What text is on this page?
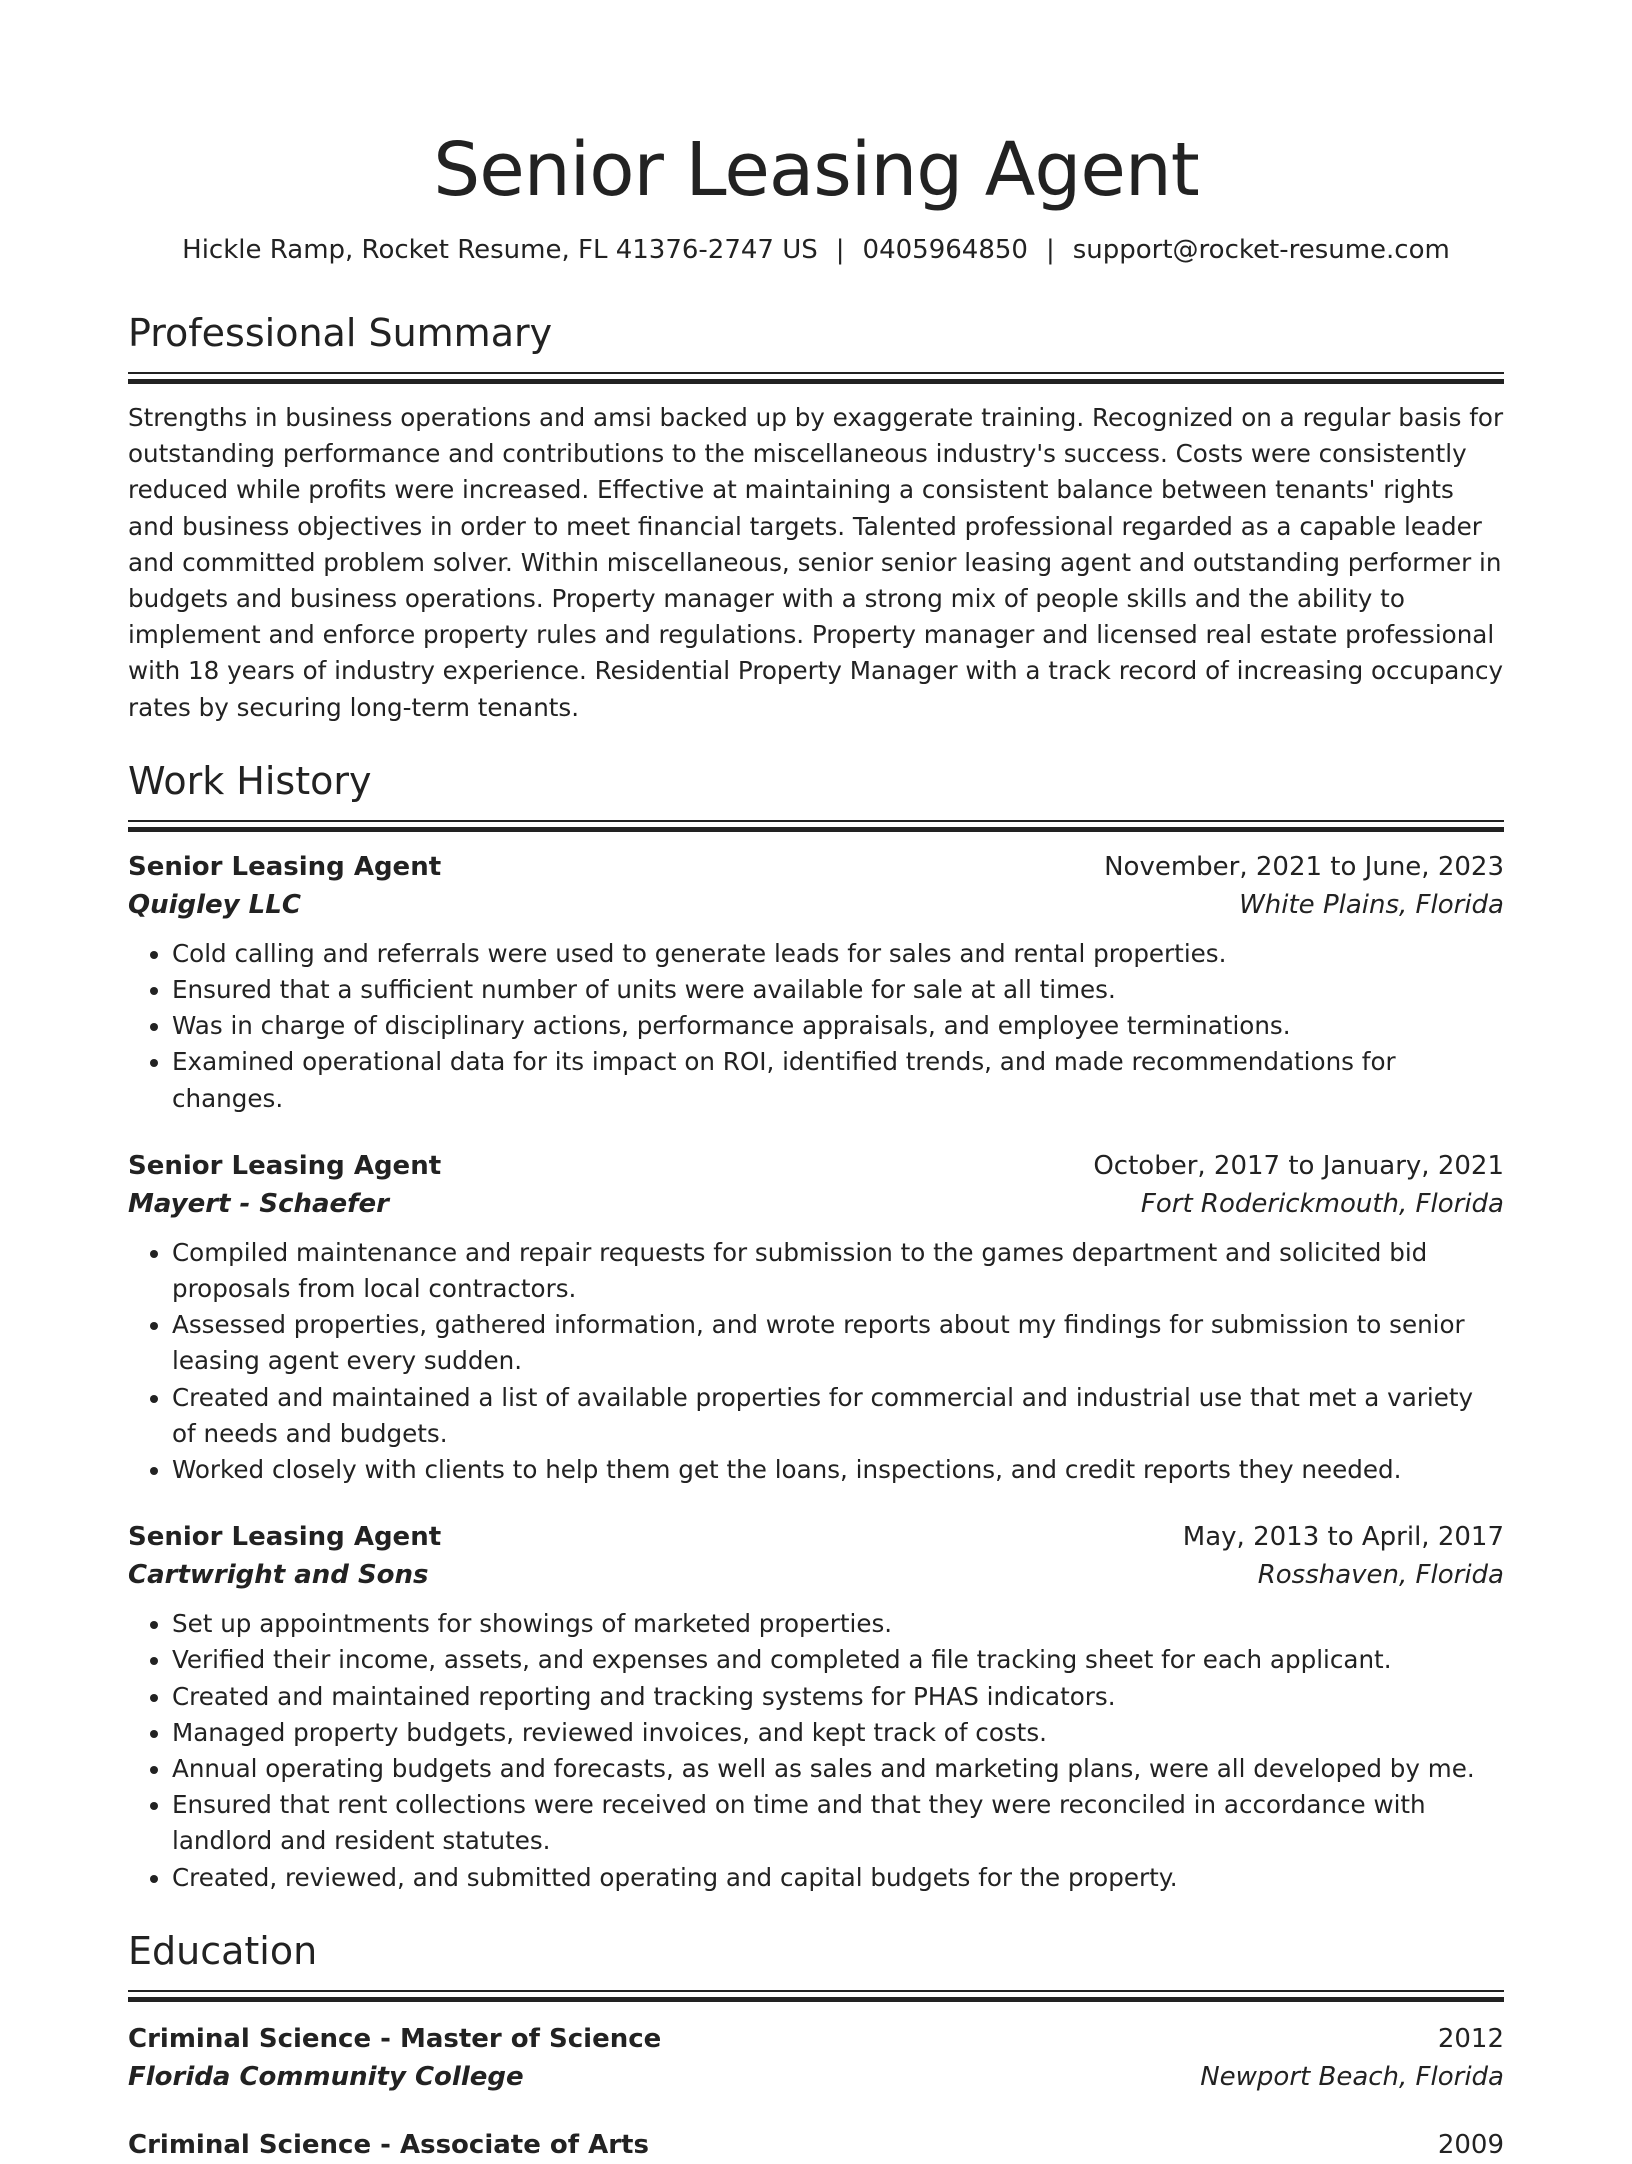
Senior Leasing Agent
Hickle Ramp, Rocket Resume, FL 41376-2747 US | 0405964850 | support@rocket-resume.com
Professional Summary
Strengths in business operations and amsi backed up by exaggerate training. Recognized on a regular basis for outstanding performance and contributions to the miscellaneous industry's success. Costs were consistently reduced while profits were increased. Effective at maintaining a consistent balance between tenants' rights and business objectives in order to meet financial targets. Talented professional regarded as a capable leader and committed problem solver. Within miscellaneous, senior senior leasing agent and outstanding performer in budgets and business operations. Property manager with a strong mix of people skills and the ability to implement and enforce property rules and regulations. Property manager and licensed real estate professional with 18 years of industry experience. Residential Property Manager with a track record of increasing occupancy rates by securing long-term tenants.
Work History
Senior Leasing Agent	November, 2021 to June, 2023
Quigley LLC	White Plains, Florida
• Cold calling and referrals were used to generate leads for sales and rental properties.
• Ensured that a sufficient number of units were available for sale at all times.
• Was in charge of disciplinary actions, performance appraisals, and employee terminations.
• Examined operational data for its impact on ROI, identified trends, and made recommendations for changes.
Senior Leasing Agent	October, 2017 to January, 2021
Mayert - Schaefer	Fort Roderickmouth, Florida
• Compiled maintenance and repair requests for submission to the games department and solicited bid proposals from local contractors.
• Assessed properties, gathered information, and wrote reports about my findings for submission to senior leasing agent every sudden.
• Created and maintained a list of available properties for commercial and industrial use that met a variety of needs and budgets.
• Worked closely with clients to help them get the loans, inspections, and credit reports they needed.
Senior Leasing Agent	May, 2013 to April, 2017
Cartwright and Sons	Rosshaven, Florida
• Set up appointments for showings of marketed properties.
• Verified their income, assets, and expenses and completed a file tracking sheet for each applicant.
• Created and maintained reporting and tracking systems for PHAS indicators.
• Managed property budgets, reviewed invoices, and kept track of costs.
• Annual operating budgets and forecasts, as well as sales and marketing plans, were all developed by me.
• Ensured that rent collections were received on time and that they were reconciled in accordance with landlord and resident statutes.
• Created, reviewed, and submitted operating and capital budgets for the property.
Education
Criminal Science - Master of Science	2012
Florida Community College	Newport Beach, Florida
Criminal Science - Associate of Arts	2009
